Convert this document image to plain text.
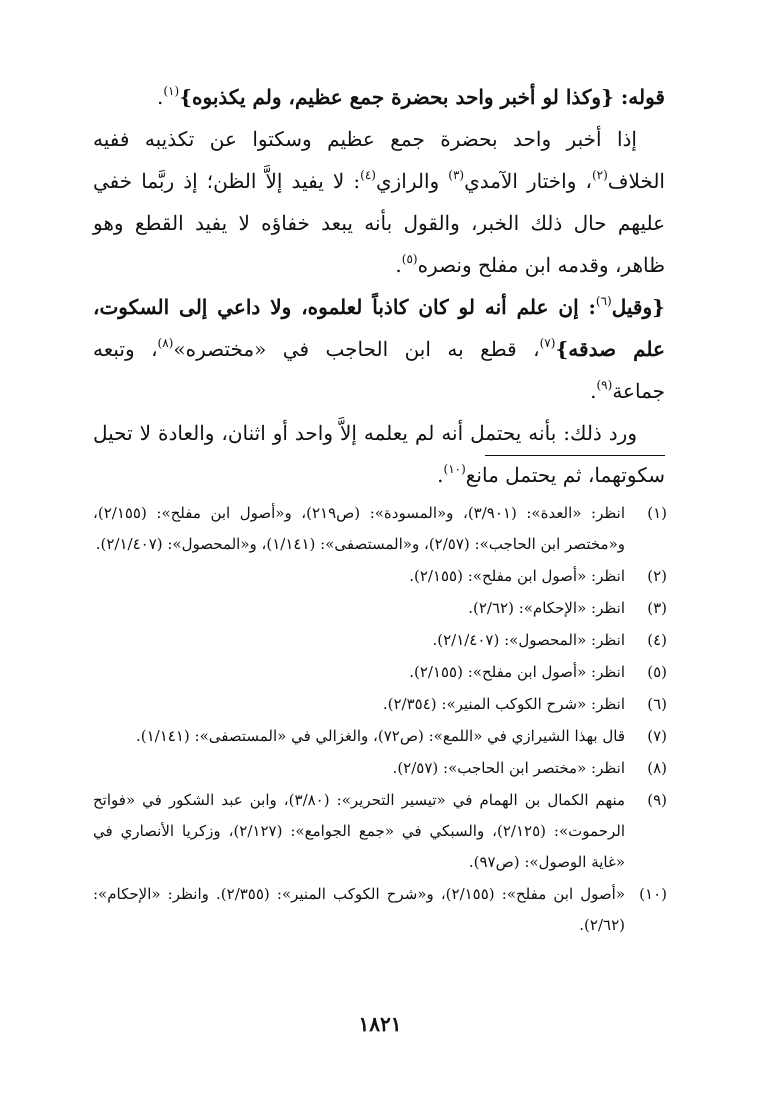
قوله: {وكذا لو أخبر واحد بحضرة جمع عظيم، ولم يكذبوه}$^{(١)}$.

إذا أخبر واحد بحضرة جمع عظيم وسكتوا عن تكذيبه ففيه الخلاف$^{(٢)}$، واختار الآمدي$^{(٣)}$ والرازي$^{(٤)}$: لا يفيد إلاَّ الظن؛ إذ ربَّما خفي عليهم حال ذلك الخبر، والقول بأنه يبعد خفاؤه لا يفيد القطع وهو ظاهر، وقدمه ابن مفلح ونصره$^{(٥)}$.

{وقيل$^{(٦)}$: إن علم أنه لو كان كاذباً لعلموه، ولا داعي إلى السكوت، علم صدقه}$^{(٧)}$، قطع به ابن الحاجب في «مختصره»$^{(٨)}$، وتبعه جماعة$^{(٩)}$.

ورد ذلك: بأنه يحتمل أنه لم يعلمه إلاَّ واحد أو اثنان، والعادة لا تحيل سكوتهما، ثم يحتمل مانع$^{(١٠)}$.

(١)
انظر: «العدة»: (٣/٩٠١)، و«المسودة»: (ص٢١٩)، و«أصول ابن مفلح»: (٢/١٥٥)، و«مختصر ابن الحاجب»: (٢/٥٧)، و«المستصفى»: (١/١٤١)، و«المحصول»: (٢/١/٤٠٧).
(٢)
انظر: «أصول ابن مفلح»: (٢/١٥٥).
(٣)
انظر: «الإحكام»: (٢/٦٢).
(٤)
انظر: «المحصول»: (٢/١/٤٠٧).
(٥)
انظر: «أصول ابن مفلح»: (٢/١٥٥).
(٦)
انظر: «شرح الكوكب المنير»: (٢/٣٥٤).
(٧)
قال بهذا الشيرازي في «اللمع»: (ص٧٢)، والغزالي في «المستصفى»: (١/١٤١).
(٨)
انظر: «مختصر ابن الحاجب»: (٢/٥٧).
(٩)
منهم الكمال بن الهمام في «تيسير التحرير»: (٣/٨٠)، وابن عبد الشكور في «فواتح الرحموت»: (٢/١٢٥)، والسبكي في «جمع الجوامع»: (٢/١٢٧)، وزكريا الأنصاري في «غاية الوصول»: (ص٩٧).
(١٠)
«أصول ابن مفلح»: (٢/١٥٥)، و«شرح الكوكب المنير»: (٢/٣٥٥). وانظر: «الإحكام»: (٢/٦٢).
١٨٢١
